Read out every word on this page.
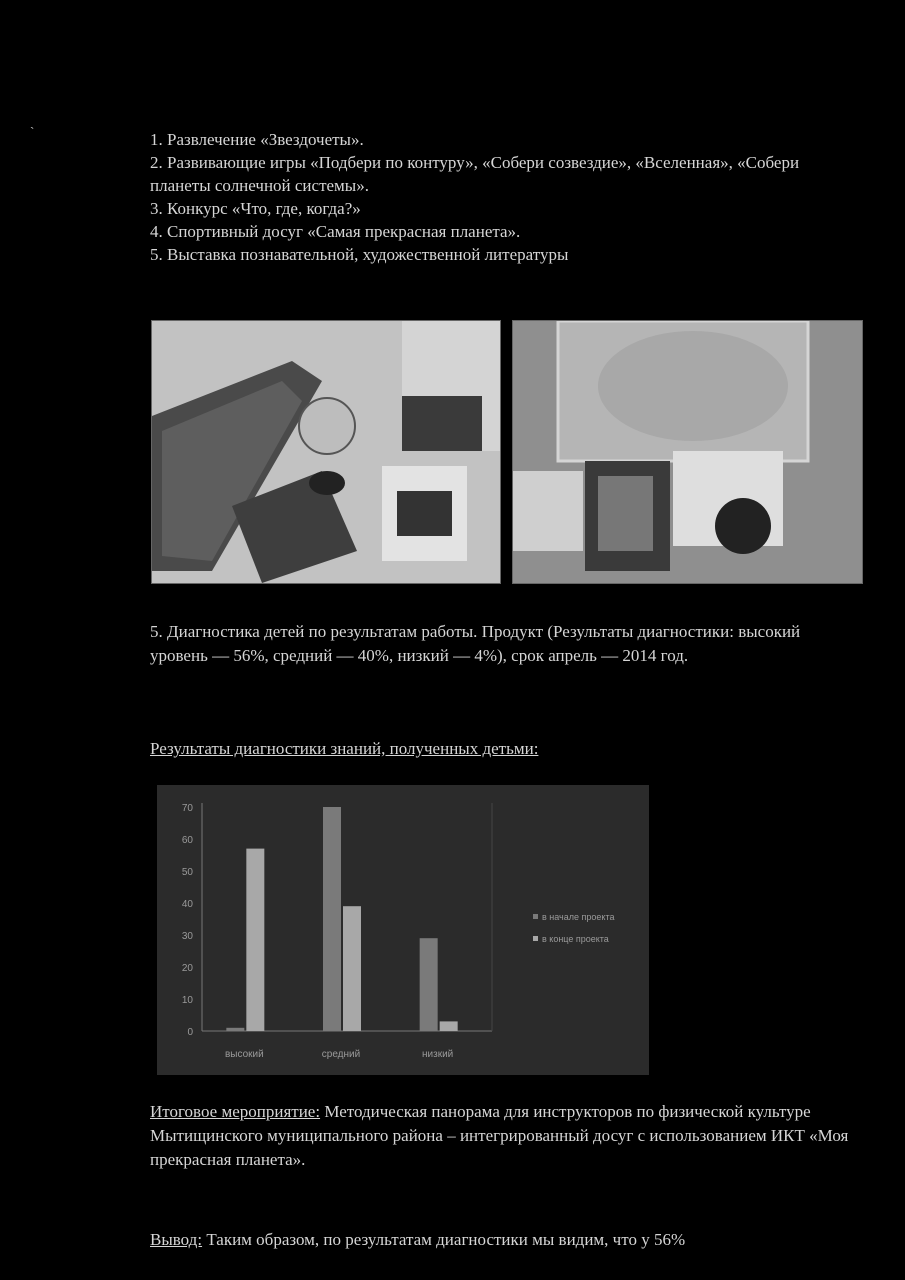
`	1. Развлечение «Звездочеты».

2. Развивающие игры «Подбери по контуру», «Собери созвездие», «Вселенная», «Собери планеты солнечной системы».

3. Конкурс «Что, где, когда?»

4. Спортивный досуг «Самая прекрасная планета».

5. Выставка познавательной, художественной литературы

5. Диагностика детей по результатам работы. Продукт (Результаты диагностики: высокий уровень — 56%, средний — 40%, низкий — 4%), срок апрель — 2014 год.

Результаты диагностики знаний, полученных детьми:

0
10
20
30
40
50
60
70
высокий	средний	низкий
в начале проекта
в конце проекта

Итоговое мероприятие: Методическая панорама для инструкторов по физической культуре Мытищинского муниципального района – интегрированный досуг с использованием ИКТ «Моя прекрасная планета».

Вывод: Таким образом, по результатам диагностики мы видим, что у 56%
